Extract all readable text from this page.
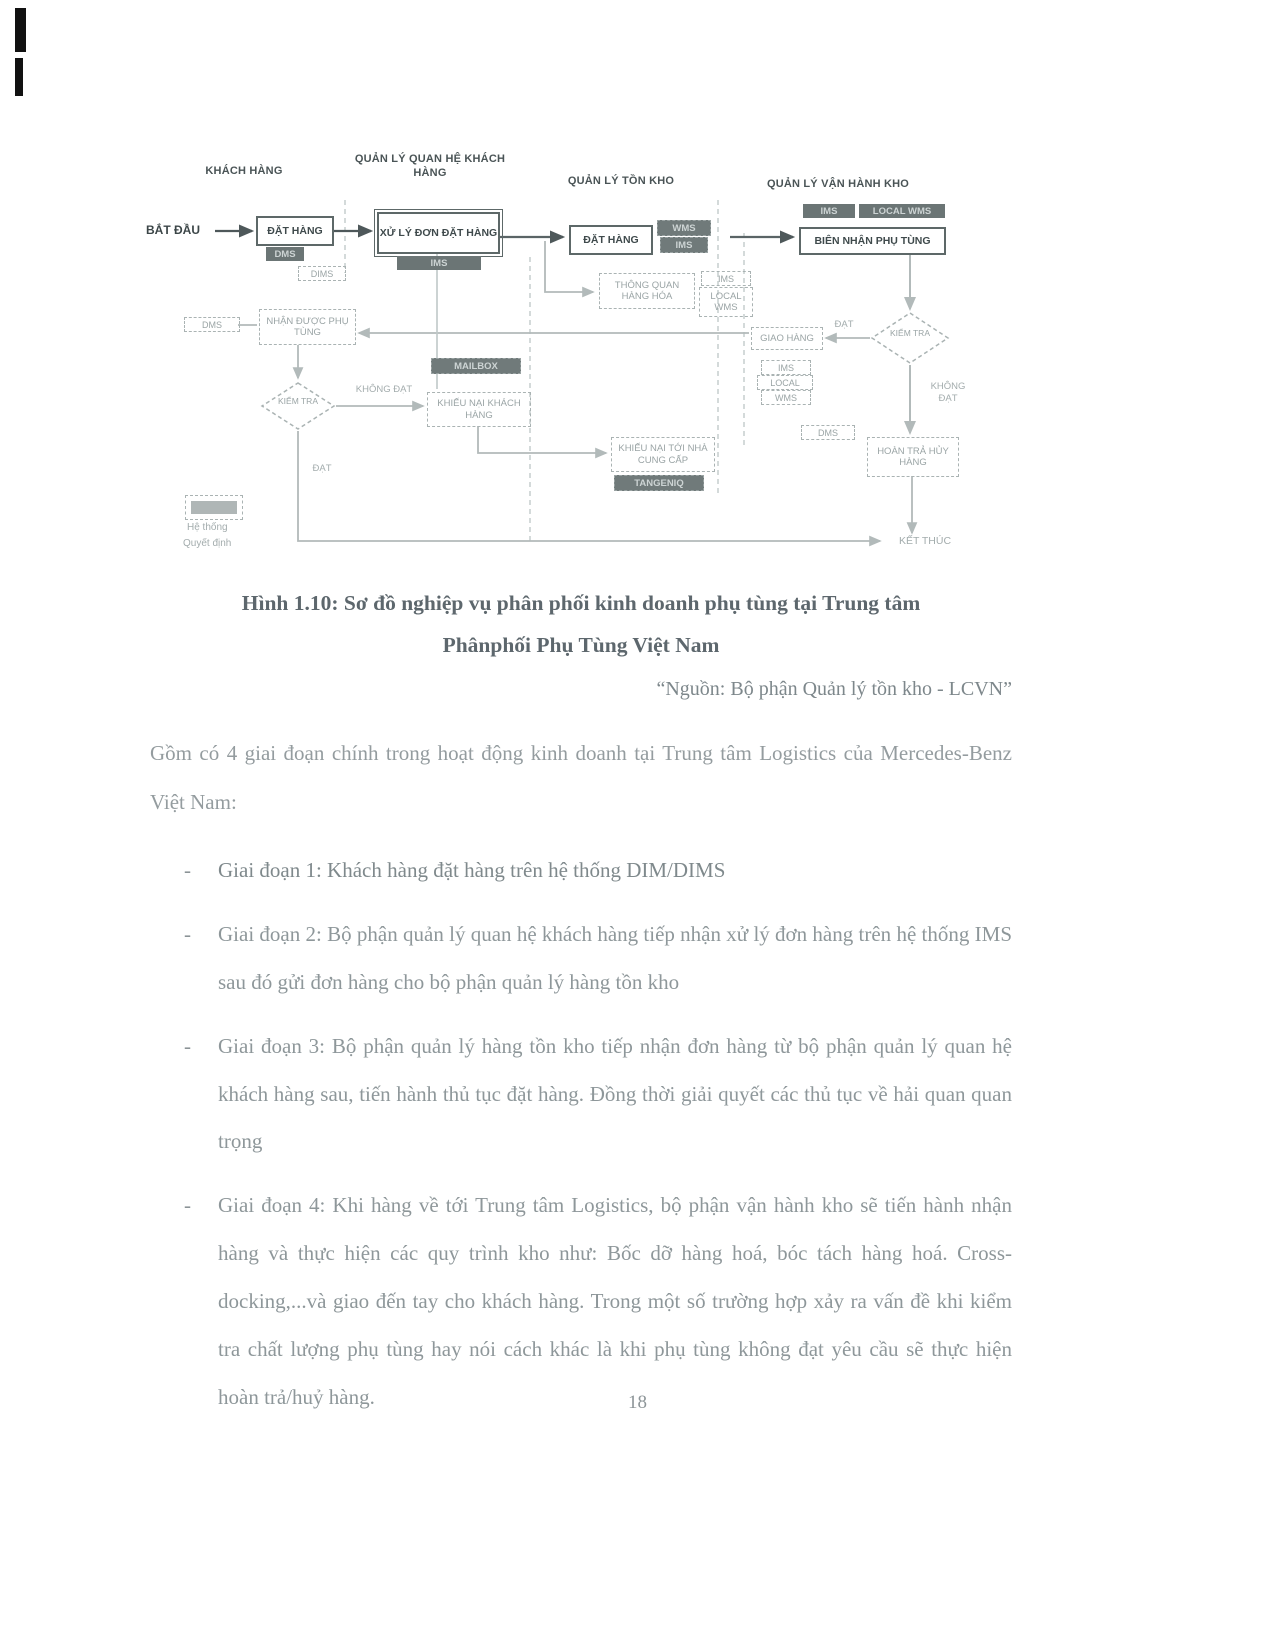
KHÁCH HÀNG
QUẢN LÝ QUAN HỆ KHÁCH HÀNG
QUẢN LÝ TỒN KHO	QUẢN LÝ VẬN HÀNH KHO
BẮT ĐẦU	ĐẶT HÀNG
DMS
DIMS
XỬ LÝ ĐƠN ĐẶT HÀNG
IMS
ĐẶT HÀNG
WMS
IMS
IMS	LOCAL WMS
BIÊN NHẬN PHỤ TÙNG
THÔNG QUAN HÀNG HÓA
IMS
LOCAL WMS
DMS	NHẬN ĐƯỢC PHỤ TÙNG
GIAO HÀNG
ĐẠT
KIỂM TRA
IMS
LOCAL
WMS
KHÔNG ĐẠT
MAILBOX
KHÔNG ĐẠT
KIỂM TRA	KHIẾU NẠI KHÁCH HÀNG
KHIẾU NẠI TỚI NHÀ CUNG CẤP
TANGENIQ
DMS
HOÀN TRẢ HỦY HÀNG
ĐẠT
Hệ thống
Quyết định	KẾT THÚC
Hình 1.10: Sơ đồ nghiệp vụ phân phối kinh doanh phụ tùng tại Trung tâm
Phânphối Phụ Tùng Việt Nam
“Nguồn: Bộ phận Quản lý tồn kho - LCVN”

Gồm có 4 giai đoạn chính trong hoạt động kinh doanh tại Trung tâm Logistics của Mercedes-Benz Việt Nam:

- Giai đoạn 1: Khách hàng đặt hàng trên hệ thống DIM/DIMS
- Giai đoạn 2: Bộ phận quản lý quan hệ khách hàng tiếp nhận xử lý đơn hàng trên hệ thống IMS sau đó gửi đơn hàng cho bộ phận quản lý hàng tồn kho
- Giai đoạn 3: Bộ phận quản lý hàng tồn kho tiếp nhận đơn hàng từ bộ phận quản lý quan hệ khách hàng sau, tiến hành thủ tục đặt hàng. Đồng thời giải quyết các thủ tục về hải quan quan trọng
- Giai đoạn 4: Khi hàng về tới Trung tâm Logistics, bộ phận vận hành kho sẽ tiến hành nhận hàng và thực hiện các quy trình kho như: Bốc dỡ hàng hoá, bóc tách hàng hoá. Cross-docking,...và giao đến tay cho khách hàng. Trong một số trường hợp xảy ra vấn đề khi kiểm tra chất lượng phụ tùng hay nói cách khác là khi phụ tùng không đạt yêu cầu sẽ thực hiện hoàn trả/huỷ hàng.	18
